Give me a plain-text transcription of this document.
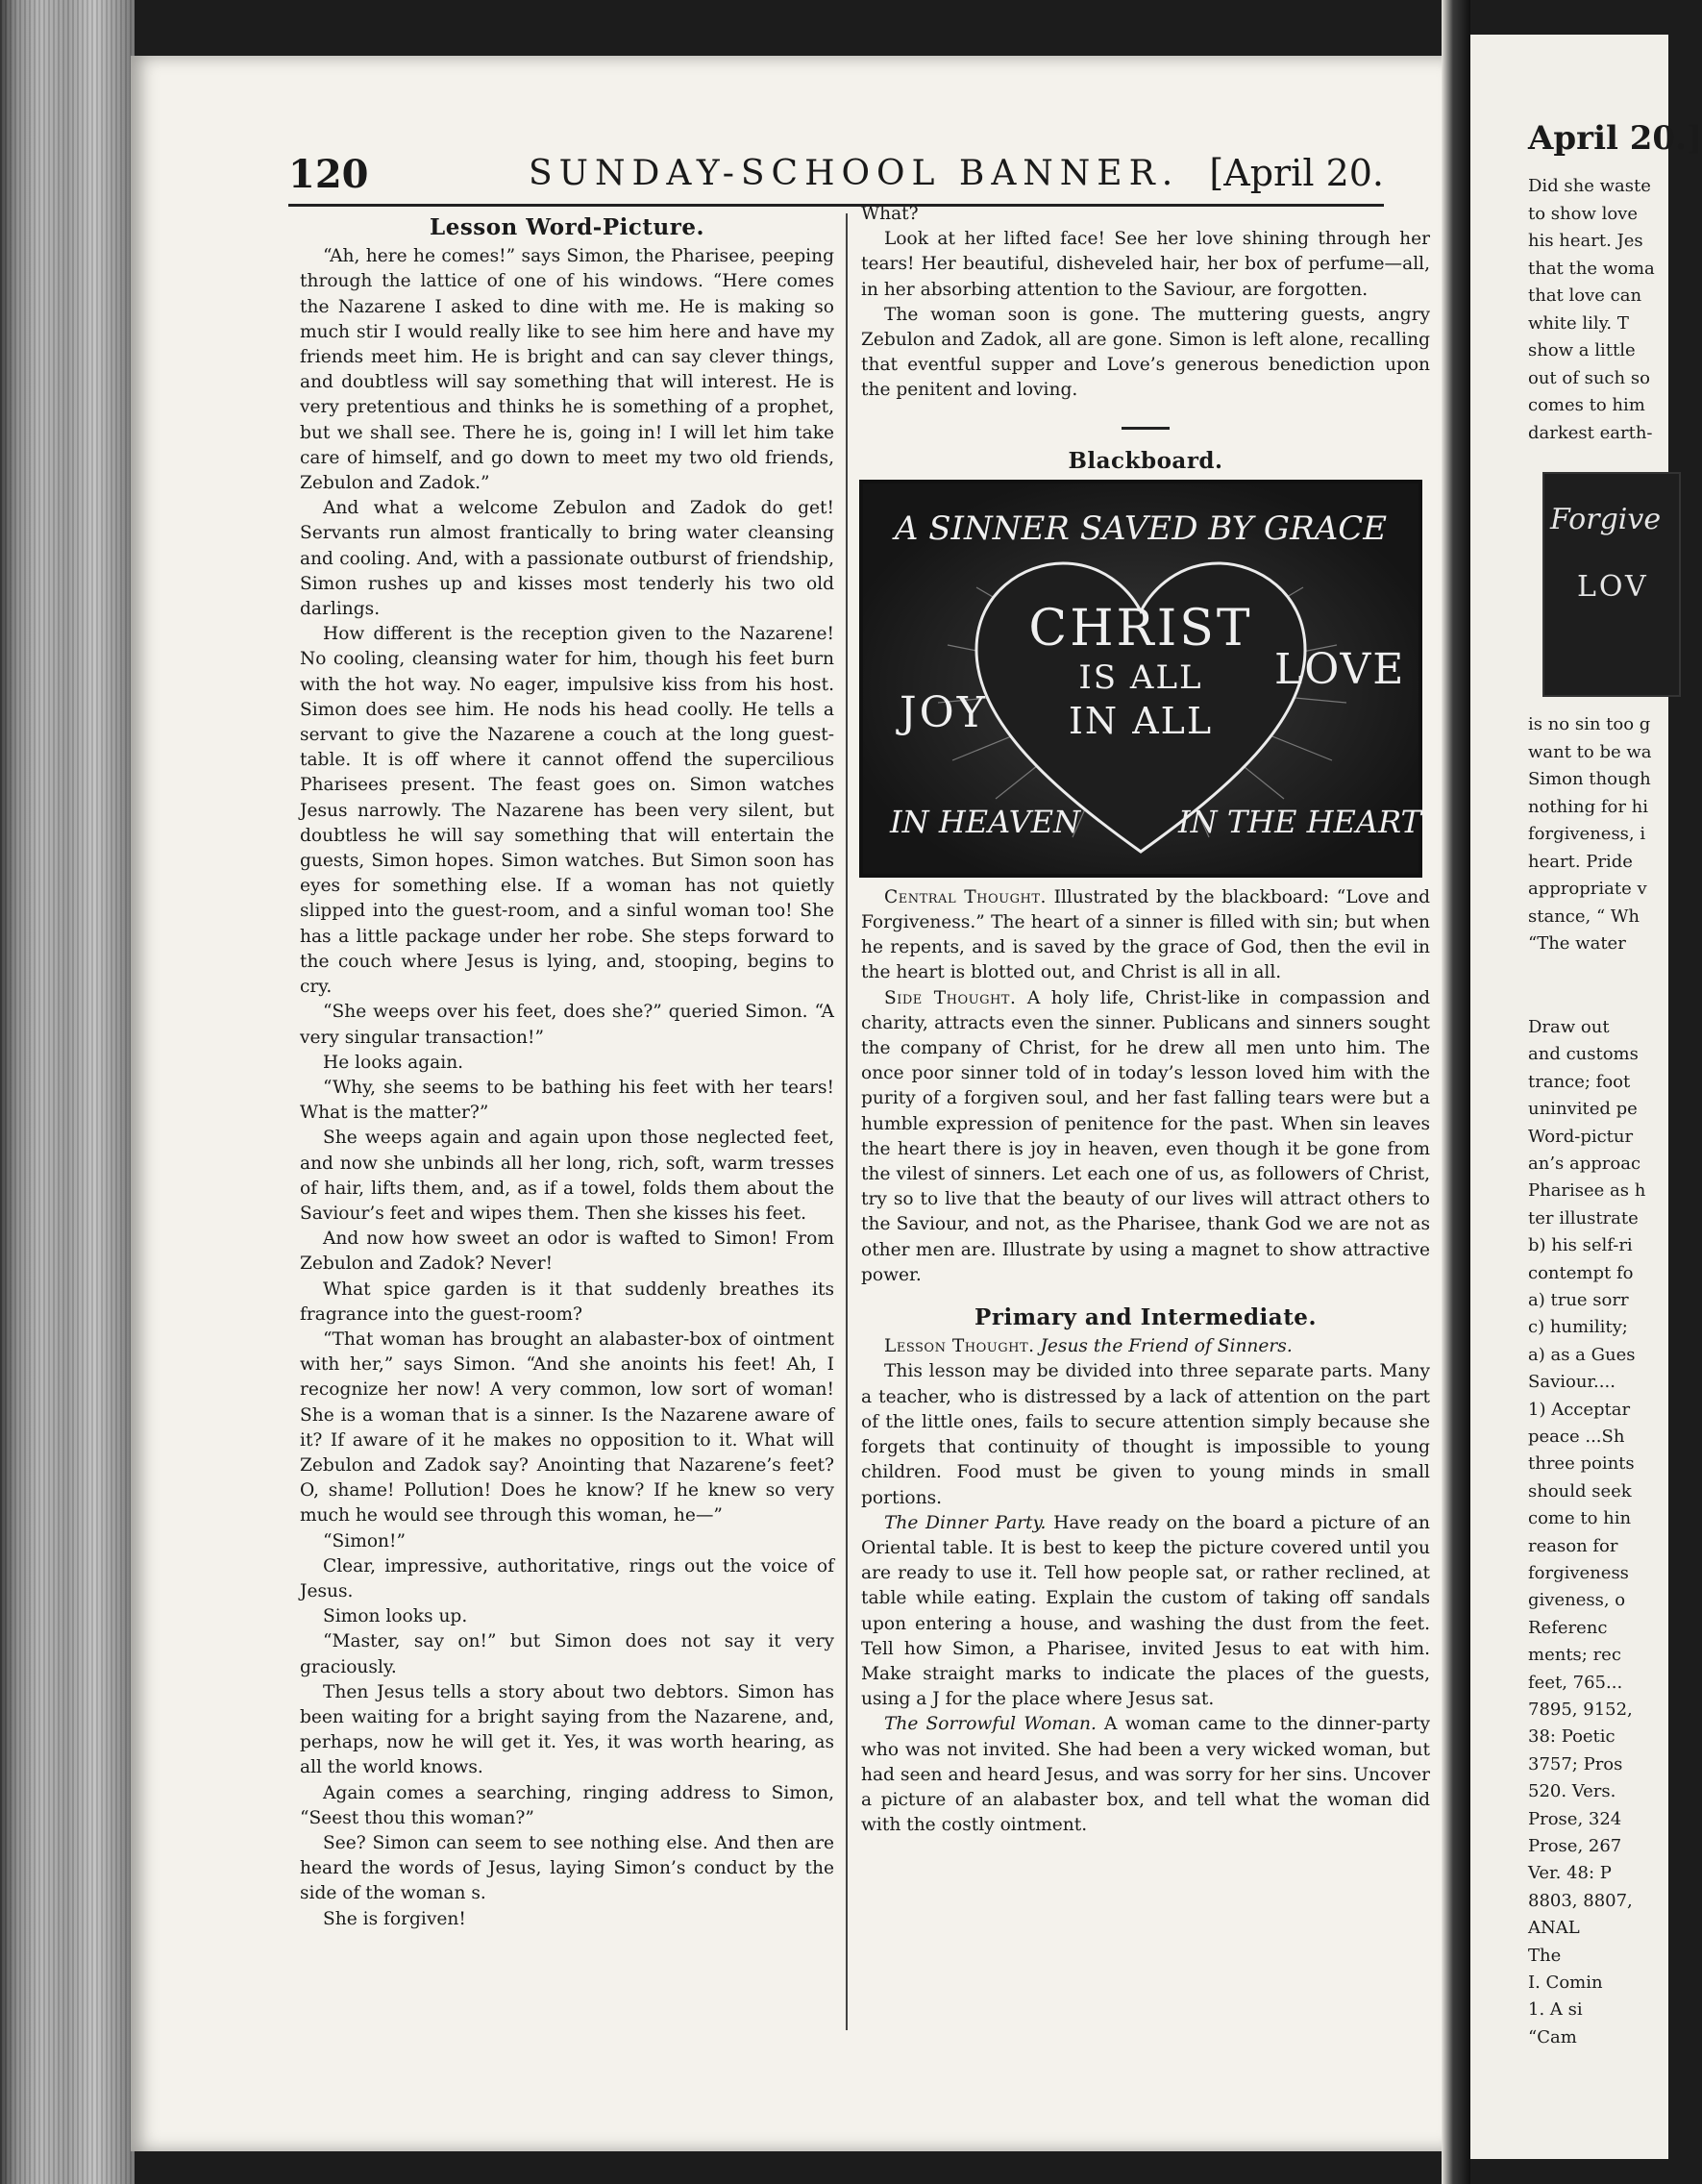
120	SUNDAY-SCHOOL BANNER. [April 20.
Lesson Word-Picture.

“Ah, here he comes!” says Simon, the Pharisee, peeping through the lattice of one of his windows. “Here comes the Nazarene I asked to dine with me. He is making so much stir I would really like to see him here and have my friends meet him. He is bright and can say clever things, and doubtless will say something that will interest. He is very pretentious and thinks he is something of a prophet, but we shall see. There he is, going in! I will let him take care of himself, and go down to meet my two old friends, Zebulon and Zadok.”

And what a welcome Zebulon and Zadok do get! Servants run almost frantically to bring water cleansing and cooling. And, with a passionate outburst of friendship, Simon rushes up and kisses most tenderly his two old darlings.

How different is the reception given to the Nazarene! No cooling, cleansing water for him, though his feet burn with the hot way. No eager, impulsive kiss from his host. Simon does see him. He nods his head coolly. He tells a servant to give the Nazarene a couch at the long guest-table. It is off where it cannot offend the supercilious Pharisees present. The feast goes on. Simon watches Jesus narrowly. The Nazarene has been very silent, but doubtless he will say something that will entertain the guests, Simon hopes. Simon watches. But Simon soon has eyes for something else. If a woman has not quietly slipped into the guest-room, and a sinful woman too! She has a little package under her robe. She steps forward to the couch where Jesus is lying, and, stooping, begins to cry.

“She weeps over his feet, does she?” queried Simon. “A very singular transaction!”

He looks again.

“Why, she seems to be bathing his feet with her tears! What is the matter?”

She weeps again and again upon those neglected feet, and now she unbinds all her long, rich, soft, warm tresses of hair, lifts them, and, as if a towel, folds them about the Saviour’s feet and wipes them. Then she kisses his feet.

And now how sweet an odor is wafted to Simon! From Zebulon and Zadok? Never!

What spice garden is it that suddenly breathes its fragrance into the guest-room?

“That woman has brought an alabaster-box of ointment with her,” says Simon. “And she anoints his feet! Ah, I recognize her now! A very common, low sort of woman! She is a woman that is a sinner. Is the Nazarene aware of it? If aware of it he makes no opposition to it. What will Zebulon and Zadok say? Anointing that Nazarene’s feet? O, shame! Pollution! Does he know? If he knew so very much he would see through this woman, he—”

“Simon!”

Clear, impressive, authoritative, rings out the voice of Jesus.

Simon looks up.

“Master, say on!” but Simon does not say it very graciously.

Then Jesus tells a story about two debtors. Simon has been waiting for a bright saying from the Nazarene, and, perhaps, now he will get it. Yes, it was worth hearing, as all the world knows.

Again comes a searching, ringing address to Simon, “Seest thou this woman?”

See? Simon can seem to see nothing else. And then are heard the words of Jesus, laying Simon’s conduct by the side of the woman s.

She is forgiven!

What?

Look at her lifted face! See her love shining through her tears! Her beautiful, disheveled hair, her box of perfume—all, in her absorbing attention to the Saviour, are forgotten.

The woman soon is gone. The muttering guests, angry Zebulon and Zadok, all are gone. Simon is left alone, recalling that eventful supper and Love’s generous benediction upon the penitent and loving.

Blackboard.
A SINNER SAVED BY GRACE
CHRIST
IS ALL
IN ALL
JOY
LOVE
IN HEAVEN	IN THE HEART

Central Thought. Illustrated by the blackboard: “Love and Forgiveness.” The heart of a sinner is filled with sin; but when he repents, and is saved by the grace of God, then the evil in the heart is blotted out, and Christ is all in all.

Side Thought. A holy life, Christ-like in compassion and charity, attracts even the sinner. Publicans and sinners sought the company of Christ, for he drew all men unto him. The once poor sinner told of in today’s lesson loved him with the purity of a forgiven soul, and her fast falling tears were but a humble expression of penitence for the past. When sin leaves the heart there is joy in heaven, even though it be gone from the vilest of sinners. Let each one of us, as followers of Christ, try so to live that the beauty of our lives will attract others to the Saviour, and not, as the Pharisee, thank God we are not as other men are. Illustrate by using a magnet to show attractive power.

Primary and Intermediate.

Lesson Thought. Jesus the Friend of Sinners.

This lesson may be divided into three separate parts. Many a teacher, who is distressed by a lack of attention on the part of the little ones, fails to secure attention simply because she forgets that continuity of thought is impossible to young children. Food must be given to young minds in small portions.

The Dinner Party. Have ready on the board a picture of an Oriental table. It is best to keep the picture covered until you are ready to use it. Tell how people sat, or rather reclined, at table while eating. Explain the custom of taking off sandals upon entering a house, and washing the dust from the feet. Tell how Simon, a Pharisee, invited Jesus to eat with him. Make straight marks to indicate the places of the guests, using a J for the place where Jesus sat.

The Sorrowful Woman. A woman came to the dinner-party who was not invited. She had been a very wicked woman, but had seen and heard Jesus, and was sorry for her sins. Uncover a picture of an alabaster box, and tell what the woman did with the costly ointment.

April 20.]
Did she waste
to show love
his heart. Jes
that the woma
that love can
white lily. T
show a little
out of such so
comes to him
darkest earth-
Forgive
LOV
is no sin too g
want to be wa
Simon though
nothing for hi
forgiveness, i
heart. Pride
appropriate v
stance, “ Wh
“The water
Draw out
and customs
trance; foot
uninvited pe
Word-pictur
an’s approac
Pharisee as h
ter illustrate
b) his self-ri
contempt fo
a) true sorr
c) humility;
a) as a Gues
Saviour....
1) Acceptar
peace ...Sh
three points
should seek
come to hin
reason for
forgiveness
giveness, o
Referenc
ments; rec
feet, 765...
7895, 9152,
38: Poetic
3757; Pros
520. Vers.
Prose, 324
Prose, 267
Ver. 48: P
8803, 8807,
ANAL
The
I. Comin
1. A si
“Cam
